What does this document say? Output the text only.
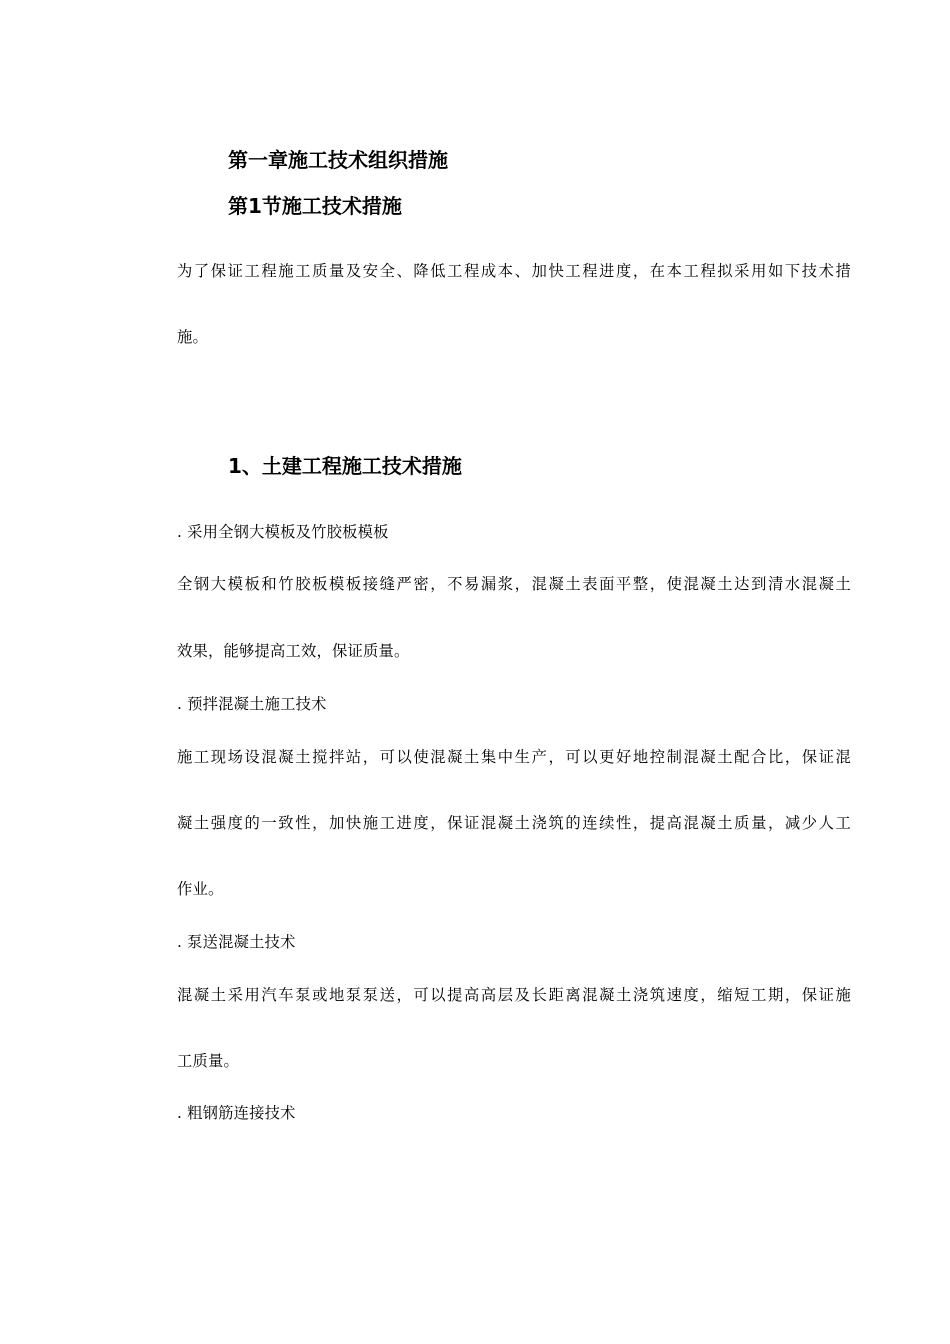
第一章施工技术组织措施
第1节施工技术措施
为了保证工程施工质量及安全、降低工程成本、加快工程进度，在本工程拟采用如下技术措
施。
1、土建工程施工技术措施
. 采用全钢大模板及竹胶板模板
全钢大模板和竹胶板模板接缝严密，不易漏浆，混凝土表面平整，使混凝土达到清水混凝土
效果，能够提高工效，保证质量。
. 预拌混凝土施工技术
施工现场设混凝土搅拌站，可以使混凝土集中生产，可以更好地控制混凝土配合比，保证混
凝土强度的一致性，加快施工进度，保证混凝土浇筑的连续性，提高混凝土质量，减少人工
作业。
. 泵送混凝土技术
混凝土采用汽车泵或地泵泵送，可以提高高层及长距离混凝土浇筑速度，缩短工期，保证施
工质量。
. 粗钢筋连接技术
